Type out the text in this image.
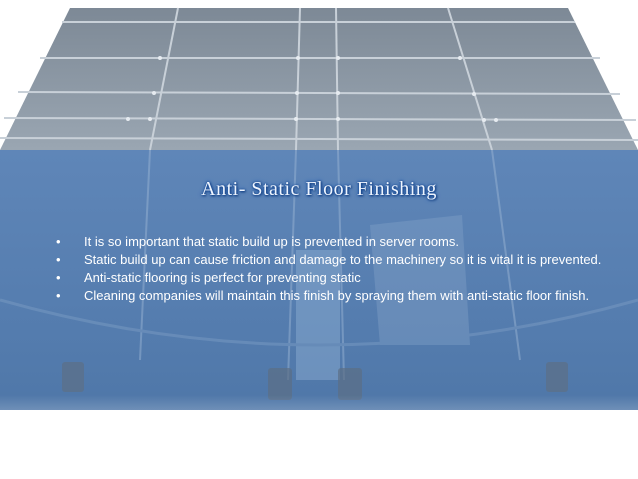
Anti- Static Floor Finishing
•	It is so important that static build up is prevented in server rooms.
•	Static build up can cause friction and damage to the machinery so it is vital it is prevented.
•	Anti-static flooring is perfect for preventing static
•	Cleaning companies will maintain this finish by spraying them with anti-static floor finish.
